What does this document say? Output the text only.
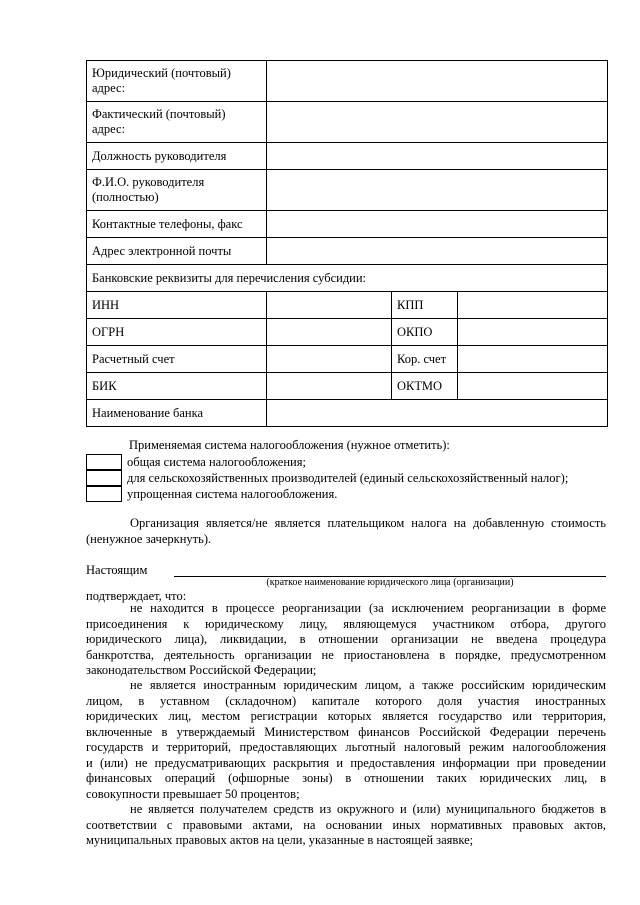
Юридический (почтовый) адрес:			
Фактический (почтовый) адрес:			
Должность руководителя			
Ф.И.О. руководителя (полностью)			
Контактные телефоны, факс			
Адрес электронной почты			
Банковские реквизиты для перечисления субсидии:			
ИНН		КПП	
ОГРН		ОКПО	
Расчетный счет		Кор. счет	
БИК		ОКТМО	
Наименование банка			
Применяемая система налогообложения (нужное отметить):
общая система налогообложения;
для сельскохозяйственных производителей (единый сельскохозяйственный налог);
упрощенная система налогообложения.
Организация является/не является плательщиком налога на добавленную стоимость
(ненужное зачеркнуть).
Настоящим
(краткое наименование юридического лица (организации)
подтверждает, что:
не находится в процессе реорганизации (за исключением реорганизации в форме
присоединения к юридическому лицу, являющемуся участником отбора, другого
юридического лица), ликвидации, в отношении организации не введена процедура
банкротства, деятельность организации не приостановлена в порядке, предусмотренном
законодательством Российской Федерации;
не является иностранным юридическим лицом, а также российским юридическим
лицом, в уставном (складочном) капитале которого доля участия иностранных
юридических лиц, местом регистрации которых является государство или территория,
включенные в утверждаемый Министерством финансов Российской Федерации перечень
государств и территорий, предоставляющих льготный налоговый режим налогообложения
и (или) не предусматривающих раскрытия и предоставления информации при проведении
финансовых операций (офшорные зоны) в отношении таких юридических лиц, в
совокупности превышает 50 процентов;
не является получателем средств из окружного и (или) муниципального бюджетов в
соответствии с правовыми актами, на основании иных нормативных правовых актов,
муниципальных правовых актов на цели, указанные в настоящей заявке;
